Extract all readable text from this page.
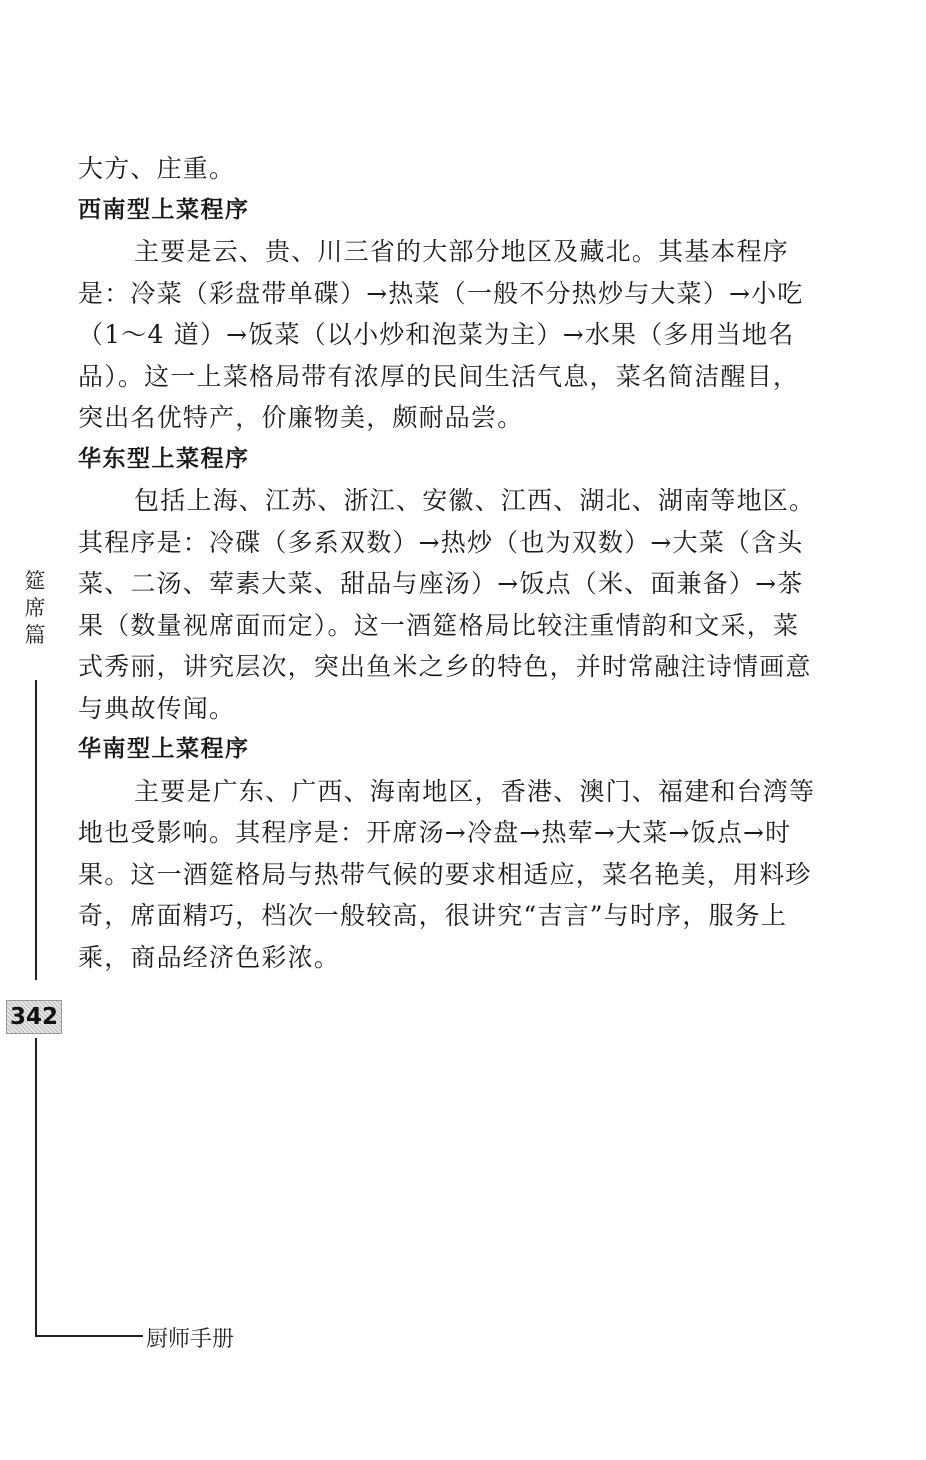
大方、庄重。
西南型上菜程序
主要是云、贵、川三省的大部分地区及藏北。其基本程序
是：冷菜（彩盘带单碟）→热菜（一般不分热炒与大菜）→小吃
（1～4 道）→饭菜（以小炒和泡菜为主）→水果（多用当地名
品）。这一上菜格局带有浓厚的民间生活气息，菜名简洁醒目，
突出名优特产，价廉物美，颇耐品尝。
华东型上菜程序
包括上海、江苏、浙江、安徽、江西、湖北、湖南等地区。
其程序是：冷碟（多系双数）→热炒（也为双数）→大菜（含头
菜、二汤、荤素大菜、甜品与座汤）→饭点（米、面兼备）→茶
果（数量视席面而定）。这一酒筵格局比较注重情韵和文采，菜
式秀丽，讲究层次，突出鱼米之乡的特色，并时常融注诗情画意
与典故传闻。
华南型上菜程序
主要是广东、广西、海南地区，香港、澳门、福建和台湾等
地也受影响。其程序是：开席汤→冷盘→热荤→大菜→饭点→时
果。这一酒筵格局与热带气候的要求相适应，菜名艳美，用料珍
奇，席面精巧，档次一般较高，很讲究“吉言”与时序，服务上
乘，商品经济色彩浓。
筵
席
篇
342
厨师手册
